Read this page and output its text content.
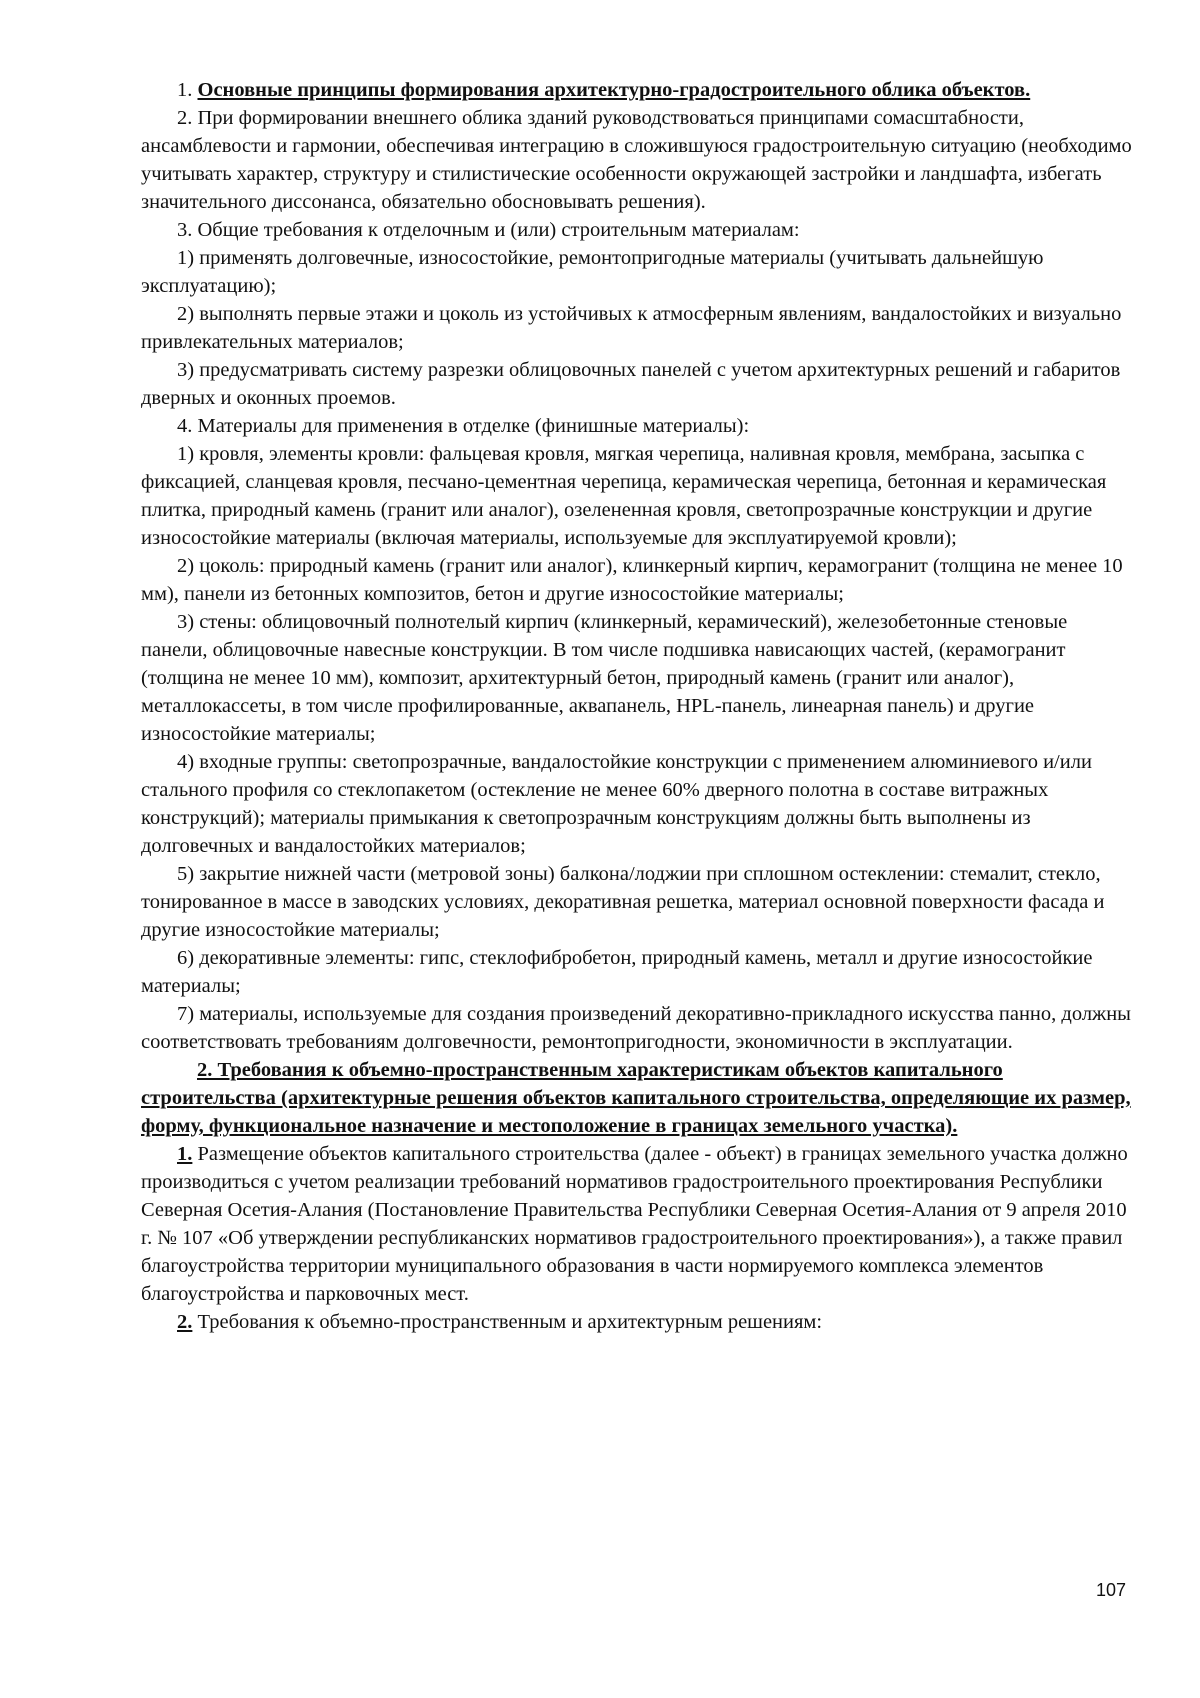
1. Основные принципы формирования архитектурно-градостроительного облика объектов.

2. При формировании внешнего облика зданий руководствоваться принципами сомасштабности, ансамблевости и гармонии, обеспечивая интеграцию в сложившуюся градостроительную ситуацию (необходимо учитывать характер, структуру и стилистические особенности окружающей застройки и ландшафта, избегать значительного диссонанса, обязательно обосновывать решения).

3. Общие требования к отделочным и (или) строительным материалам:

1) применять долговечные, износостойкие, ремонтопригодные материалы (учитывать дальнейшую эксплуатацию);

2) выполнять первые этажи и цоколь из устойчивых к атмосферным явлениям, вандалостойких и визуально привлекательных материалов;

3) предусматривать систему разрезки облицовочных панелей с учетом архитектурных решений и габаритов дверных и оконных проемов.

4. Материалы для применения в отделке (финишные материалы):

1) кровля, элементы кровли: фальцевая кровля, мягкая черепица, наливная кровля, мембрана, засыпка с фиксацией, сланцевая кровля, песчано-цементная черепица, керамическая черепица, бетонная и керамическая плитка, природный камень (гранит или аналог), озелененная кровля, светопрозрачные конструкции и другие износостойкие материалы (включая материалы, используемые для эксплуатируемой кровли);

2) цоколь: природный камень (гранит или аналог), клинкерный кирпич, керамогранит (толщина не менее 10 мм), панели из бетонных композитов, бетон и другие износостойкие материалы;

3) стены: облицовочный полнотелый кирпич (клинкерный, керамический), железобетонные стеновые панели, облицовочные навесные конструкции. В том числе подшивка нависающих частей, (керамогранит (толщина не менее 10 мм), композит, архитектурный бетон, природный камень (гранит или аналог), металлокассеты, в том числе профилированные, аквапанель, HPL-панель, линеарная панель) и другие износостойкие материалы;

4) входные группы: светопрозрачные, вандалостойкие конструкции с применением алюминиевого и/или стального профиля со стеклопакетом (остекление не менее 60% дверного полотна в составе витражных конструкций); материалы примыкания к светопрозрачным конструкциям должны быть выполнены из долговечных и вандалостойких материалов;

5) закрытие нижней части (метровой зоны) балкона/лоджии при сплошном остеклении: стемалит, стекло, тонированное в массе в заводских условиях, декоративная решетка, материал основной поверхности фасада и другие износостойкие материалы;

6) декоративные элементы: гипс, стеклофибробетон, природный камень, металл и другие износостойкие материалы;

7) материалы, используемые для создания произведений декоративно-прикладного искусства панно, должны соответствовать требованиям долговечности, ремонтопригодности, экономичности в эксплуатации.

2. Требования к объемно-пространственным характеристикам объектов капитального строительства (архитектурные решения объектов капитального строительства, определяющие их размер, форму, функциональное назначение и местоположение в границах земельного участка).

1. Размещение объектов капитального строительства (далее - объект) в границах земельного участка должно производиться с учетом реализации требований нормативов градостроительного проектирования Республики Северная Осетия-Алания (Постановление Правительства Республики Северная Осетия-Алания от 9 апреля 2010 г. № 107 «Об утверждении республиканских нормативов градостроительного проектирования»), а также правил благоустройства территории муниципального образования в части нормируемого комплекса элементов благоустройства и парковочных мест.

2. Требования к объемно-пространственным и архитектурным решениям:

107
